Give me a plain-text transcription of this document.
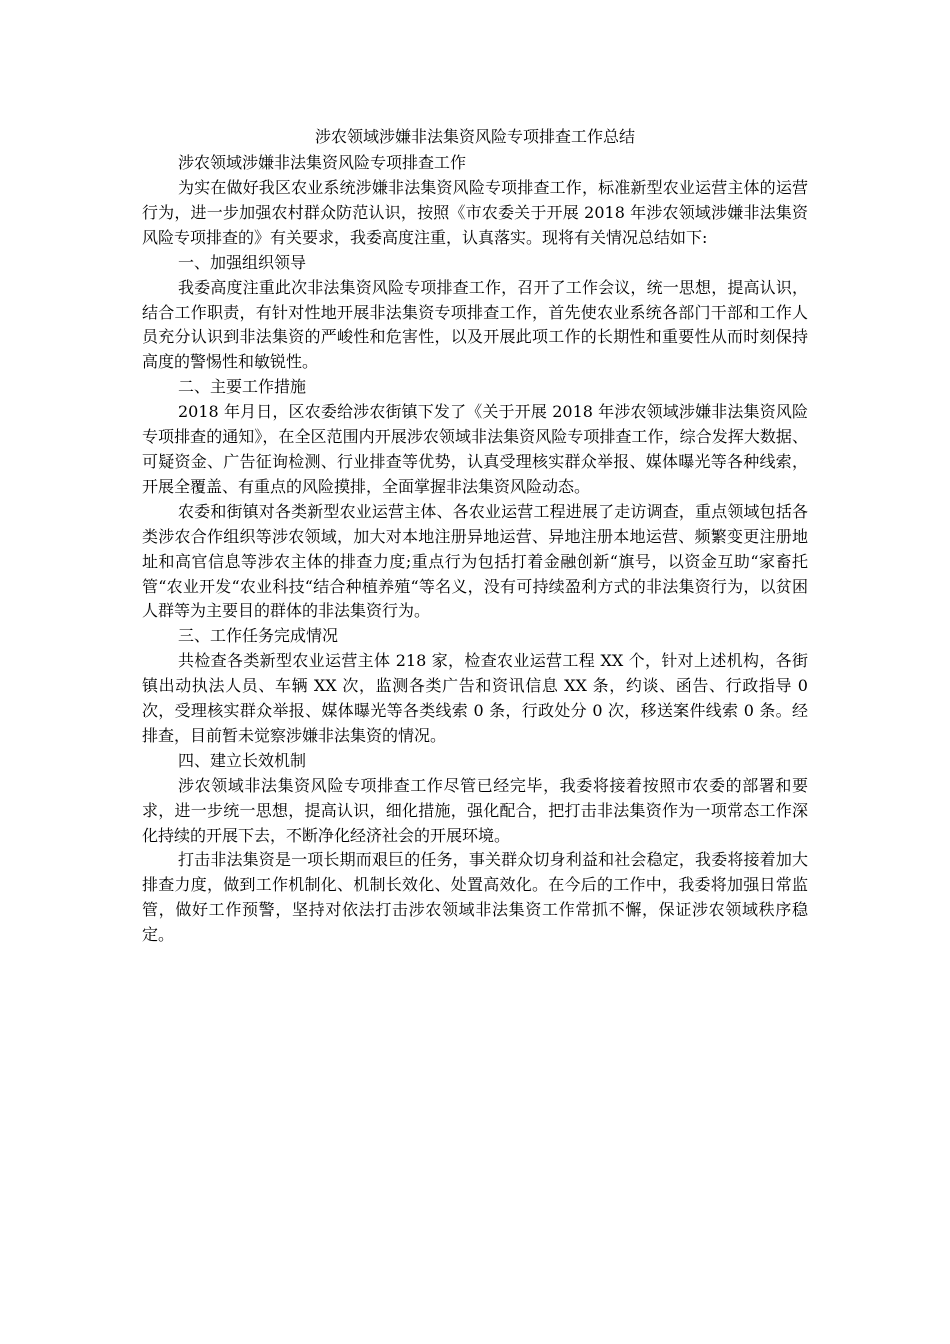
涉农领域涉嫌非法集资风险专项排查工作总结

涉农领域涉嫌非法集资风险专项排查工作

为实在做好我区农业系统涉嫌非法集资风险专项排查工作，标准新型农业运营主体的运营行为，进一步加强农村群众防范认识，按照《市农委关于开展 2018 年涉农领域涉嫌非法集资风险专项排查的》有关要求，我委高度注重，认真落实。现将有关情况总结如下:

一、加强组织领导

我委高度注重此次非法集资风险专项排查工作，召开了工作会议，统一思想，提高认识，结合工作职责，有针对性地开展非法集资专项排查工作，首先使农业系统各部门干部和工作人员充分认识到非法集资的严峻性和危害性，以及开展此项工作的长期性和重要性从而时刻保持高度的警惕性和敏锐性。

二、主要工作措施

2018 年月日，区农委给涉农街镇下发了《关于开展 2018 年涉农领域涉嫌非法集资风险专项排查的通知》，在全区范围内开展涉农领域非法集资风险专项排查工作，综合发挥大数据、可疑资金、广告征询检测、行业排查等优势，认真受理核实群众举报、媒体曝光等各种线索，开展全覆盖、有重点的风险摸排，全面掌握非法集资风险动态。

农委和街镇对各类新型农业运营主体、各农业运营工程进展了走访调查，重点领域包括各类涉农合作组织等涉农领域，加大对本地注册异地运营、异地注册本地运营、频繁变更注册地址和高官信息等涉农主体的排查力度;重点行为包括打着金融创新“旗号，以资金互助“家畜托管“农业开发“农业科技“结合种植养殖“等名义，没有可持续盈利方式的非法集资行为，以贫困人群等为主要目的群体的非法集资行为。

三、工作任务完成情况

共检查各类新型农业运营主体 218 家，检查农业运营工程 XX 个，针对上述机构，各街镇出动执法人员、车辆 XX 次，监测各类广告和资讯信息 XX 条，约谈、函告、行政指导 0 次，受理核实群众举报、媒体曝光等各类线索 0 条，行政处分 0 次，移送案件线索 0 条。经排查，目前暂未觉察涉嫌非法集资的情况。

四、建立长效机制

涉农领域非法集资风险专项排查工作尽管已经完毕，我委将接着按照市农委的部署和要求，进一步统一思想，提高认识，细化措施，强化配合，把打击非法集资作为一项常态工作深化持续的开展下去，不断净化经济社会的开展环境。

打击非法集资是一项长期而艰巨的任务，事关群众切身利益和社会稳定，我委将接着加大排查力度，做到工作机制化、机制长效化、处置高效化。在今后的工作中，我委将加强日常监管，做好工作预警，坚持对依法打击涉农领域非法集资工作常抓不懈，保证涉农领域秩序稳定。
